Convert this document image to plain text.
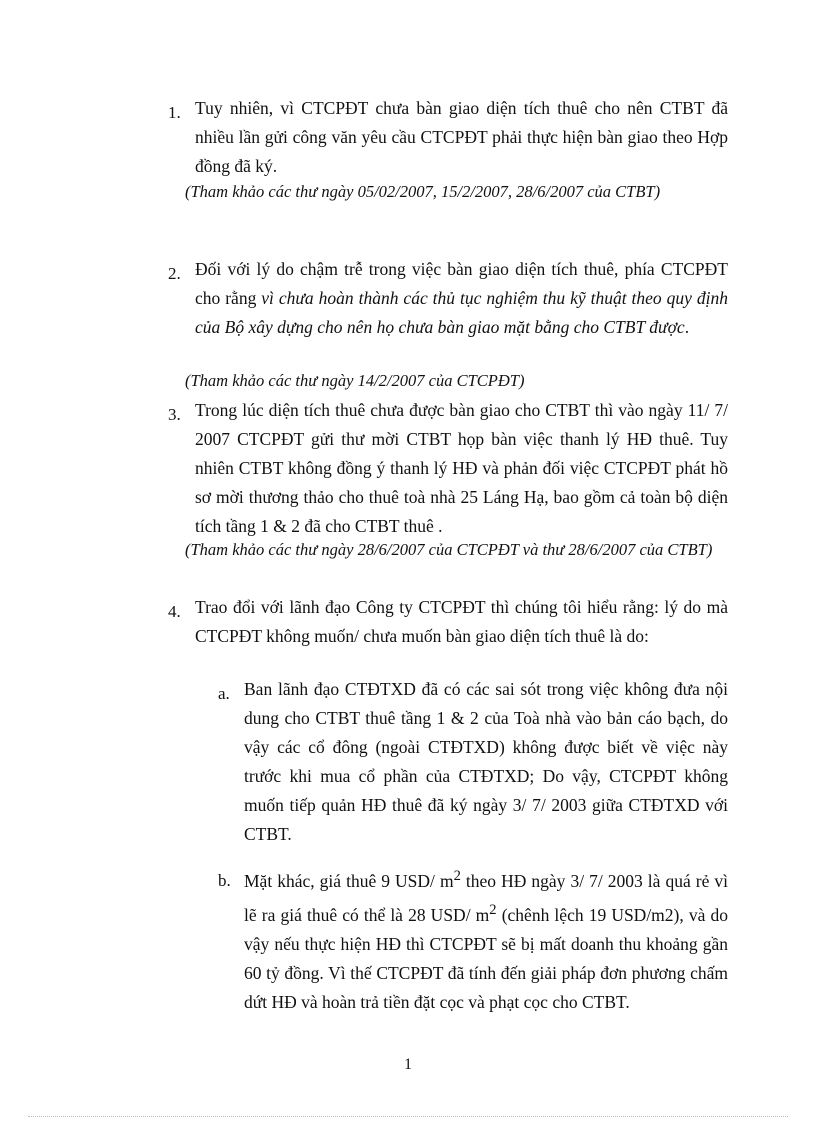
1. Tuy nhiên, vì CTCPĐT chưa bàn giao diện tích thuê cho nên CTBT đã nhiều lần gửi công văn yêu cầu CTCPĐT phải thực hiện bàn giao theo Hợp đồng đã ký.
(Tham khảo các thư ngày 05/02/2007, 15/2/2007, 28/6/2007 của CTBT)
2. Đối với lý do chậm trễ trong việc bàn giao diện tích thuê, phía CTCPĐT cho rằng vì chưa hoàn thành các thủ tục nghiệm thu kỹ thuật theo quy định của Bộ xây dựng cho nên họ chưa bàn giao mặt bằng cho CTBT được.
(Tham khảo các thư ngày 14/2/2007 của CTCPĐT)
3. Trong lúc diện tích thuê chưa được bàn giao cho CTBT thì vào ngày 11/ 7/ 2007 CTCPĐT gửi thư mời CTBT họp bàn việc thanh lý HĐ thuê. Tuy nhiên CTBT không đồng ý thanh lý HĐ và phản đối việc CTCPĐT phát hồ sơ mời thương thảo cho thuê toà nhà 25 Láng Hạ, bao gồm cả toàn bộ diện tích tầng 1 & 2 đã cho CTBT thuê .
(Tham khảo các thư ngày 28/6/2007 của CTCPĐT và thư 28/6/2007 của CTBT)
4. Trao đổi với lãnh đạo Công ty CTCPĐT thì chúng tôi hiểu rằng: lý do mà CTCPĐT không muốn/ chưa muốn bàn giao diện tích thuê là do:
a. Ban lãnh đạo CTĐTXD đã có các sai sót trong việc không đưa nội dung cho CTBT thuê tầng 1 & 2 của Toà nhà vào bản cáo bạch, do vậy các cổ đông (ngoài CTĐTXD) không được biết về việc này trước khi mua cổ phần của CTĐTXD; Do vậy, CTCPĐT không muốn tiếp quản HĐ thuê đã ký ngày 3/ 7/ 2003 giữa CTĐTXD với CTBT.
b. Mặt khác, giá thuê 9 USD/ $m^2$ theo HĐ ngày 3/ 7/ 2003 là quá rẻ vì lẽ ra giá thuê có thể là 28 USD/ $m^2$ (chênh lệch 19 USD/m2), và do vậy nếu thực hiện HĐ thì CTCPĐT sẽ bị mất doanh thu khoảng gần 60 tỷ đồng. Vì thế CTCPĐT đã tính đến giải pháp đơn phương chấm dứt HĐ và hoàn trả tiền đặt cọc và phạt cọc cho CTBT.
1
